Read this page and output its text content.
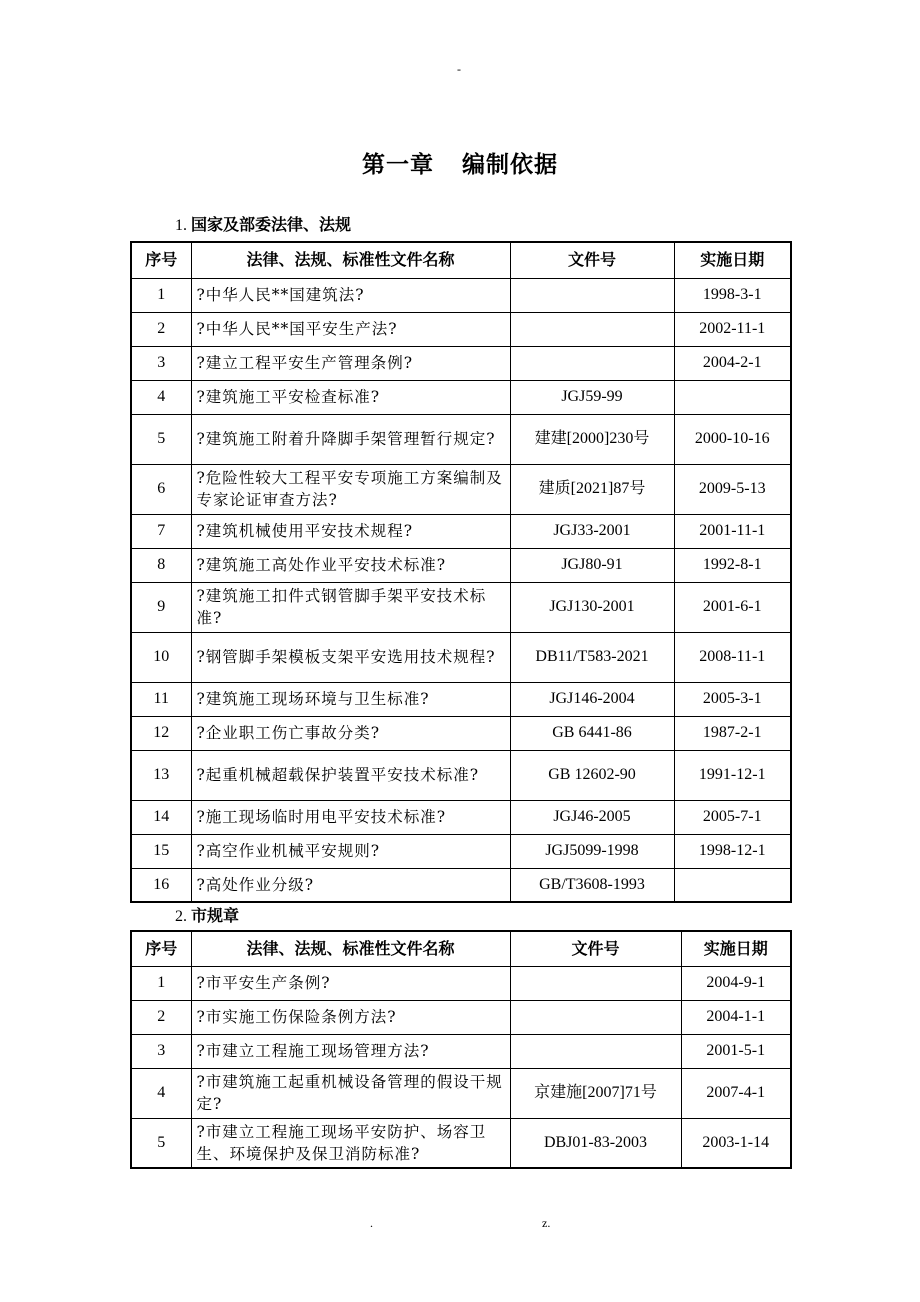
-
第一章 编制依据
1. 国家及部委法律、法规
序号	法律、法规、标准性文件名称	文件号	实施日期
1	?中华人民**国建筑法?		1998-3-1
2	?中华人民**国平安生产法?		2002-11-1
3	?建立工程平安生产管理条例?		2004-2-1
4	?建筑施工平安检查标准?	JGJ59-99	
5	?建筑施工附着升降脚手架管理暂行规定?	建建[2000]230号	2000-10-16
6	?危险性较大工程平安专项施工方案编制及专家论证审查方法?	建质[2021]87号	2009-5-13
7	?建筑机械使用平安技术规程?	JGJ33-2001	2001-11-1
8	?建筑施工高处作业平安技术标准?	JGJ80-91	1992-8-1
9	?建筑施工扣件式钢管脚手架平安技术标准?	JGJ130-2001	2001-6-1
10	?钢管脚手架模板支架平安选用技术规程?	DB11/T583-2021	2008-11-1
11	?建筑施工现场环境与卫生标准?	JGJ146-2004	2005-3-1
12	?企业职工伤亡事故分类?	GB 6441-86	1987-2-1
13	?起重机械超载保护装置平安技术标准?	GB 12602-90	1991-12-1
14	?施工现场临时用电平安技术标准?	JGJ46-2005	2005-7-1
15	?高空作业机械平安规则?	JGJ5099-1998	1998-12-1
16	?高处作业分级?	GB/T3608-1993	
2. 市规章
序号	法律、法规、标准性文件名称	文件号	实施日期
1	?市平安生产条例?		2004-9-1
2	?市实施工伤保险条例方法?		2004-1-1
3	?市建立工程施工现场管理方法?		2001-5-1
4	?市建筑施工起重机械设备管理的假设干规定?	京建施[2007]71号	2007-4-1
5	?市建立工程施工现场平安防护、场容卫生、环境保护及保卫消防标准?	DBJ01-83-2003	2003-1-14
.	z.
